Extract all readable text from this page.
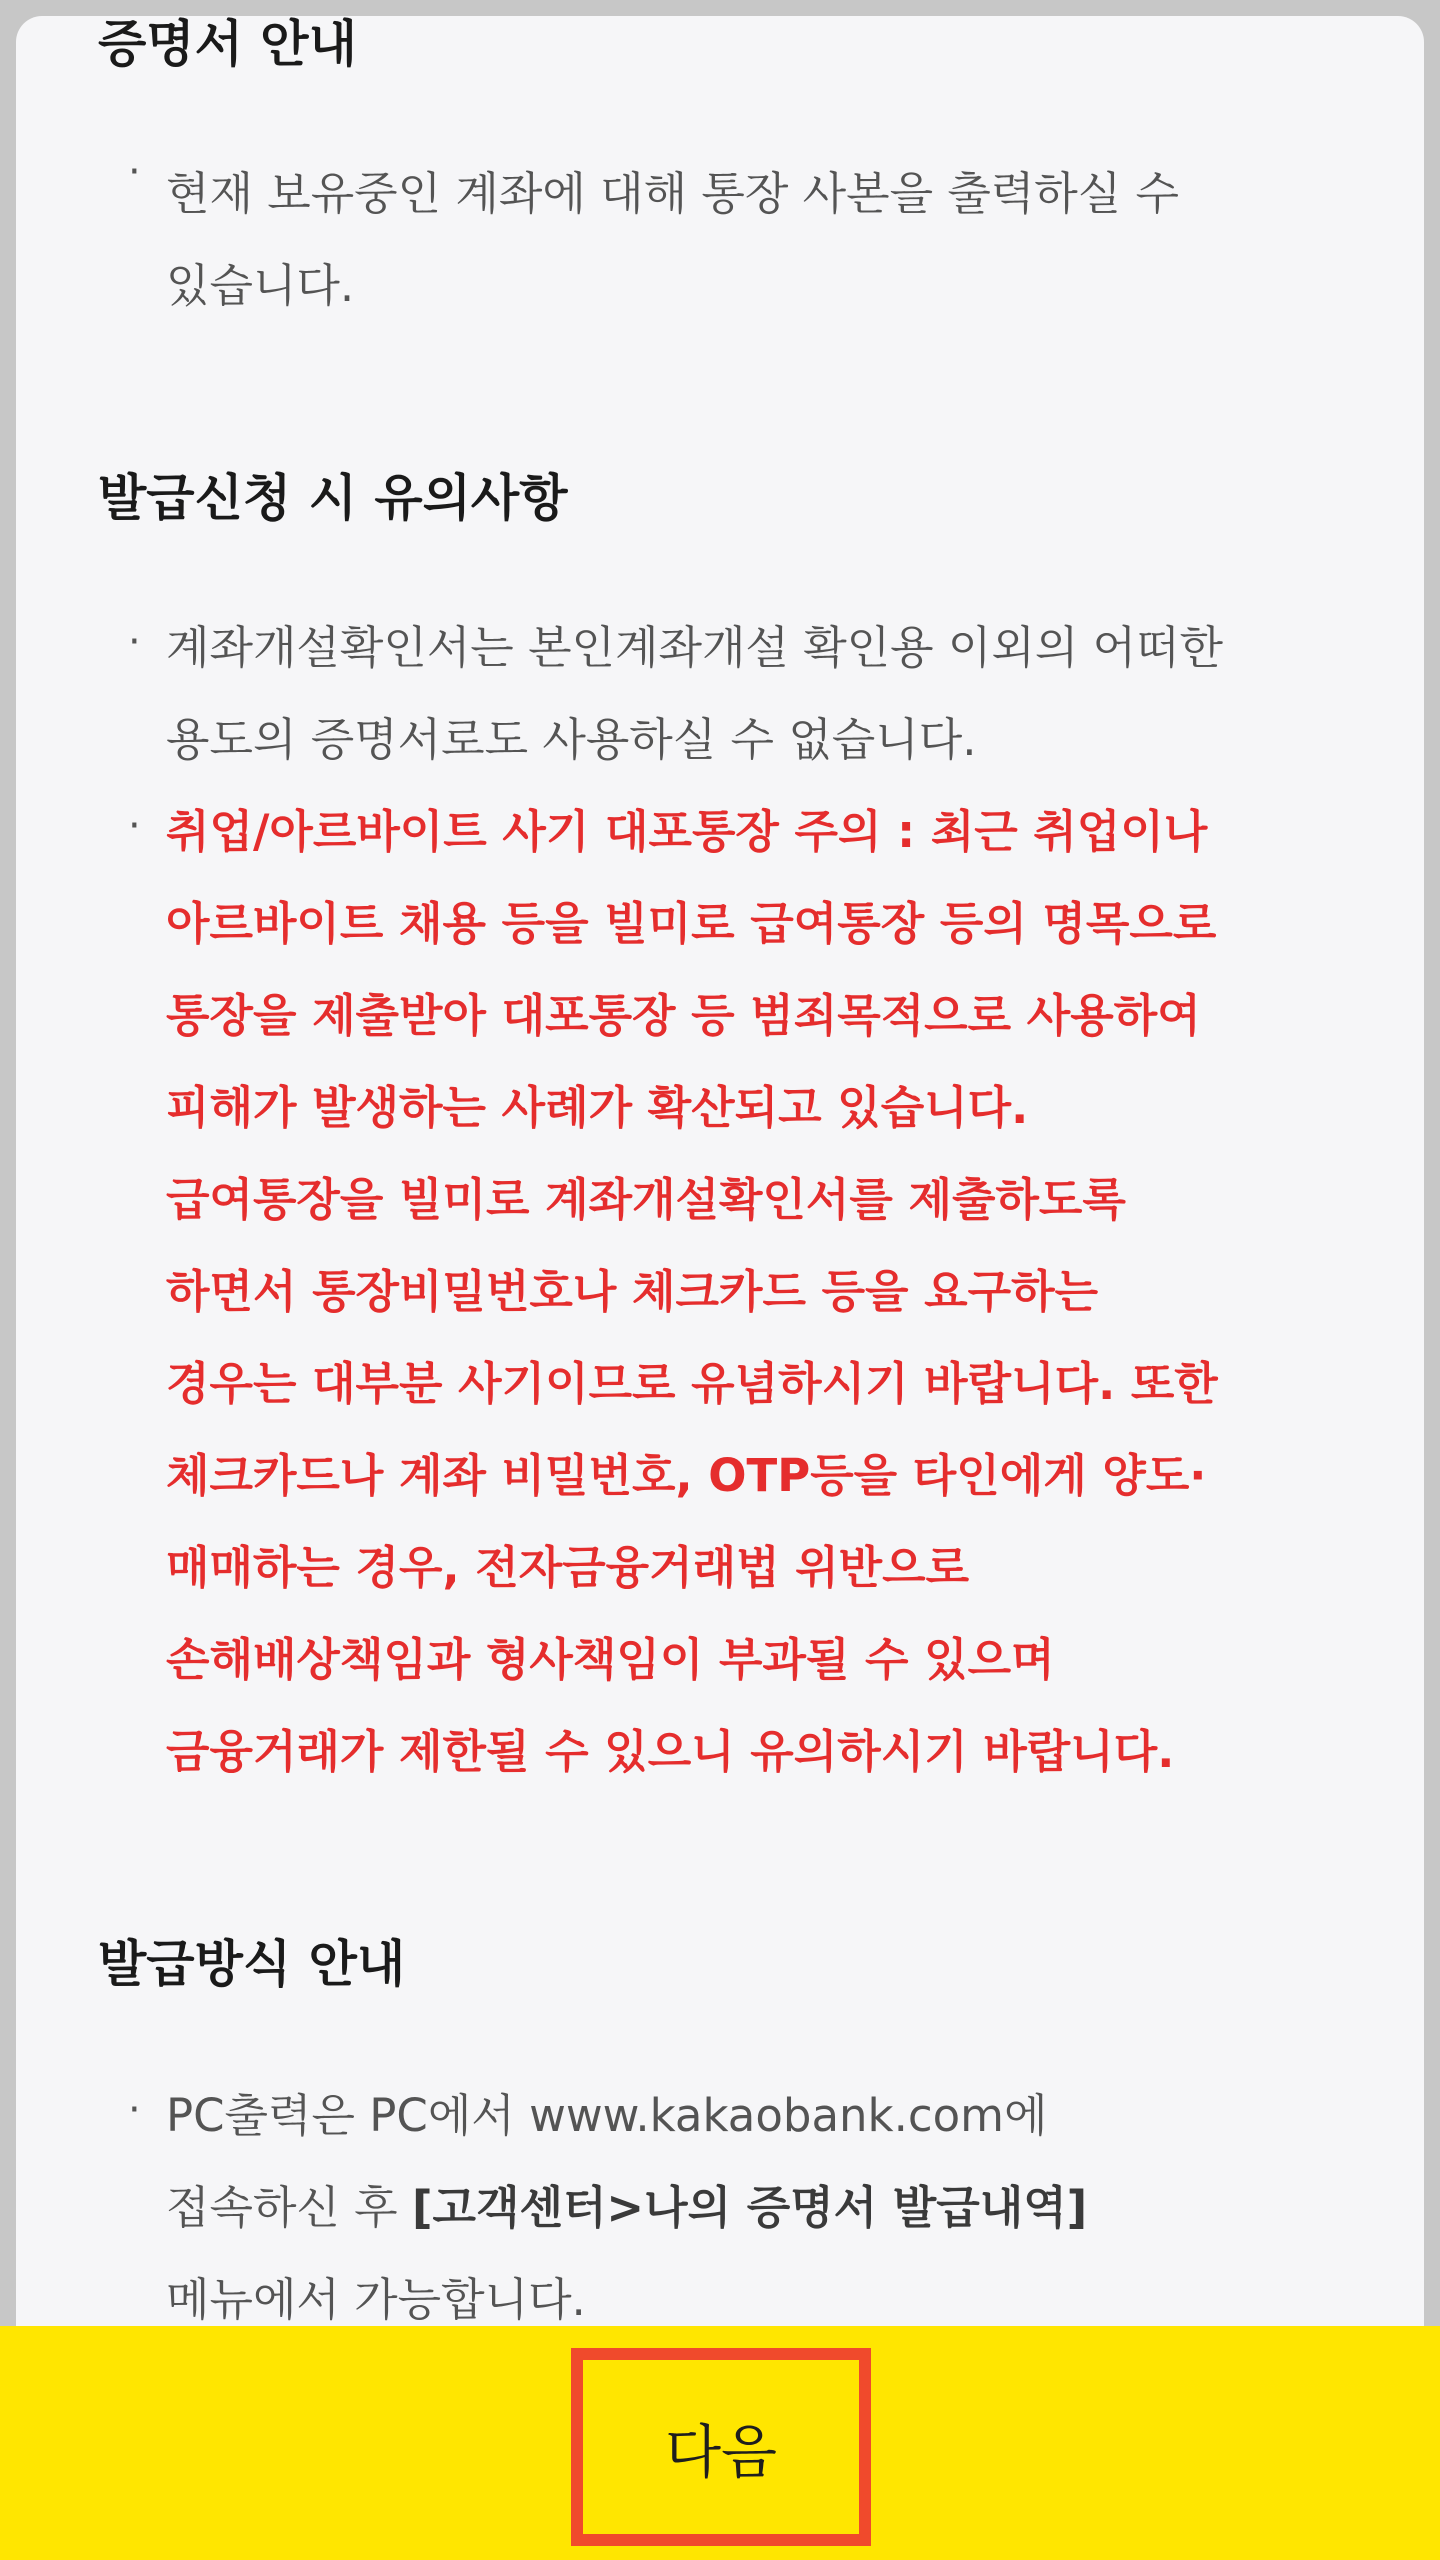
증명서 안내
· 현재 보유중인 계좌에 대해 통장 사본을 출력하실 수
있습니다.
발급신청 시 유의사항
· 계좌개설확인서는 본인계좌개설 확인용 이외의 어떠한
용도의 증명서로도 사용하실 수 없습니다.
· 취업/아르바이트 사기 대포통장 주의 : 최근 취업이나
아르바이트 채용 등을 빌미로 급여통장 등의 명목으로
통장을 제출받아 대포통장 등 범죄목적으로 사용하여
피해가 발생하는 사례가 확산되고 있습니다.
급여통장을 빌미로 계좌개설확인서를 제출하도록
하면서 통장비밀번호나 체크카드 등을 요구하는
경우는 대부분 사기이므로 유념하시기 바랍니다. 또한
체크카드나 계좌 비밀번호, OTP등을 타인에게 양도·
매매하는 경우, 전자금융거래법 위반으로
손해배상책임과 형사책임이 부과될 수 있으며
금융거래가 제한될 수 있으니 유의하시기 바랍니다.
발급방식 안내
· PC출력은 PC에서 www.kakaobank.com에
접속하신 후 [고객센터>나의 증명서 발급내역]
메뉴에서 가능합니다.
다음
